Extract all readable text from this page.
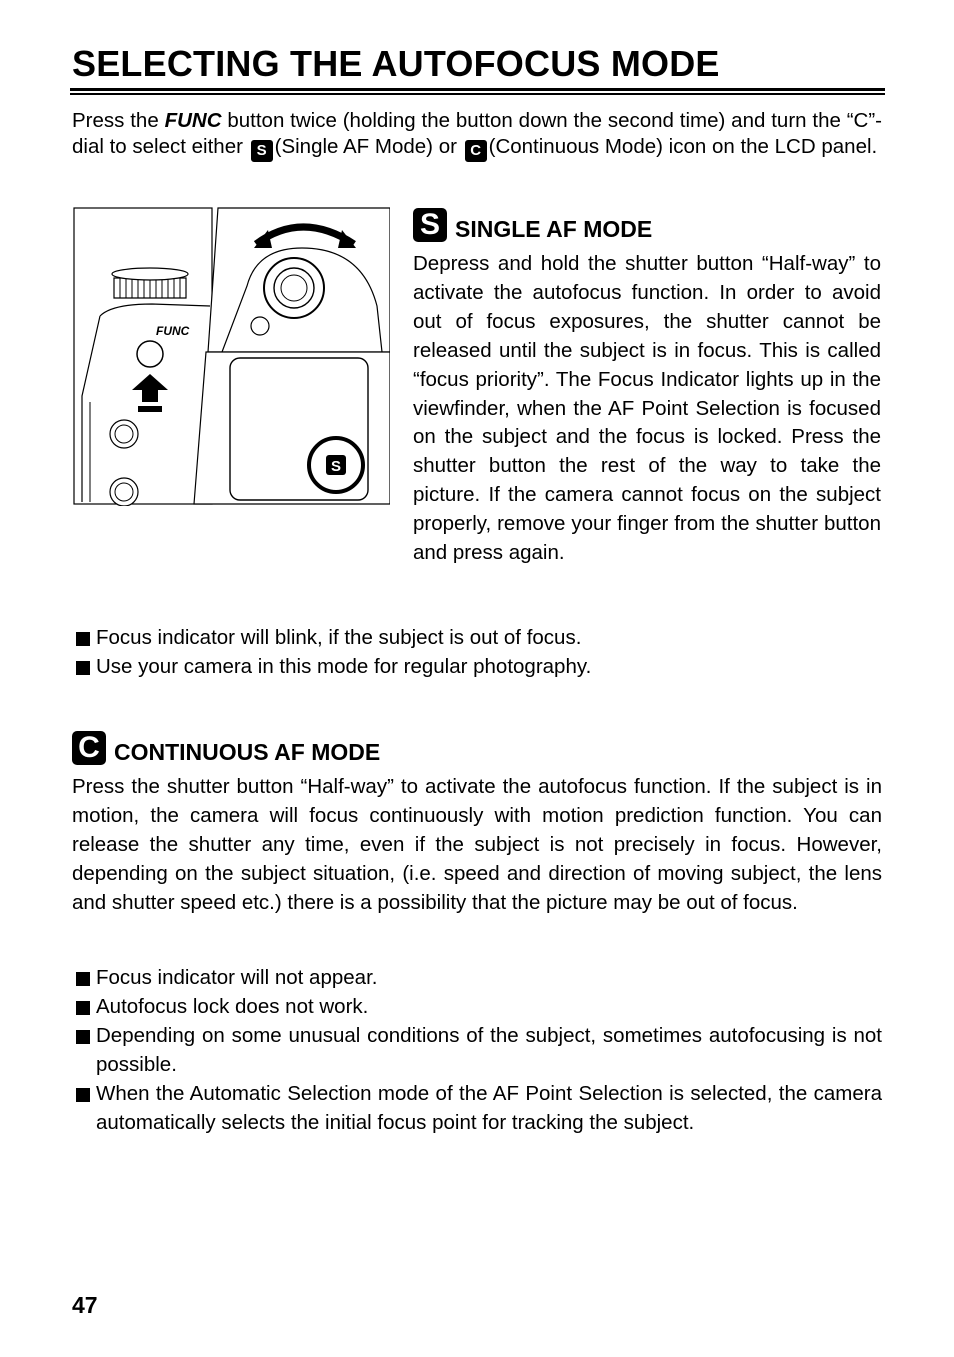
SELECTING THE AUTOFOCUS MODE

Press the FUNC button twice (holding the button down the second time) and turn the “C”-dial to select either S (Single AF Mode) or C (Continuous Mode) icon on the LCD panel.

FUNC
S
S SINGLE AF MODE

Depress and hold the shutter button “Half-way” to activate the autofocus function. In order to avoid out of focus exposures, the shutter cannot be released until the subject is in focus. This is called “focus priority”. The Focus Indicator lights up in the viewfinder, when the AF Point Selection is focused on the subject and the focus is locked. Press the shutter button the rest of the way to take the picture. If the camera cannot focus on the subject properly, remove your finger from the shutter button and press again.

Focus indicator will blink, if the subject is out of focus.
Use your camera in this mode for regular photography.
C CONTINUOUS AF MODE

Press the shutter button “Half-way” to activate the autofocus function. If the subject is in motion, the camera will focus continuously with motion prediction function. You can release the shutter any time, even if the subject is not precisely in focus. However, depending on the subject situation, (i.e. speed and direction of moving subject, the lens and shutter speed etc.) there is a possibility that the picture may be out of focus.

Focus indicator will not appear.
Autofocus lock does not work.
Depending on some unusual conditions of the subject, sometimes autofocusing is not possible.
When the Automatic Selection mode of the AF Point Selection is selected, the camera automatically selects the initial focus point for tracking the subject.

47
